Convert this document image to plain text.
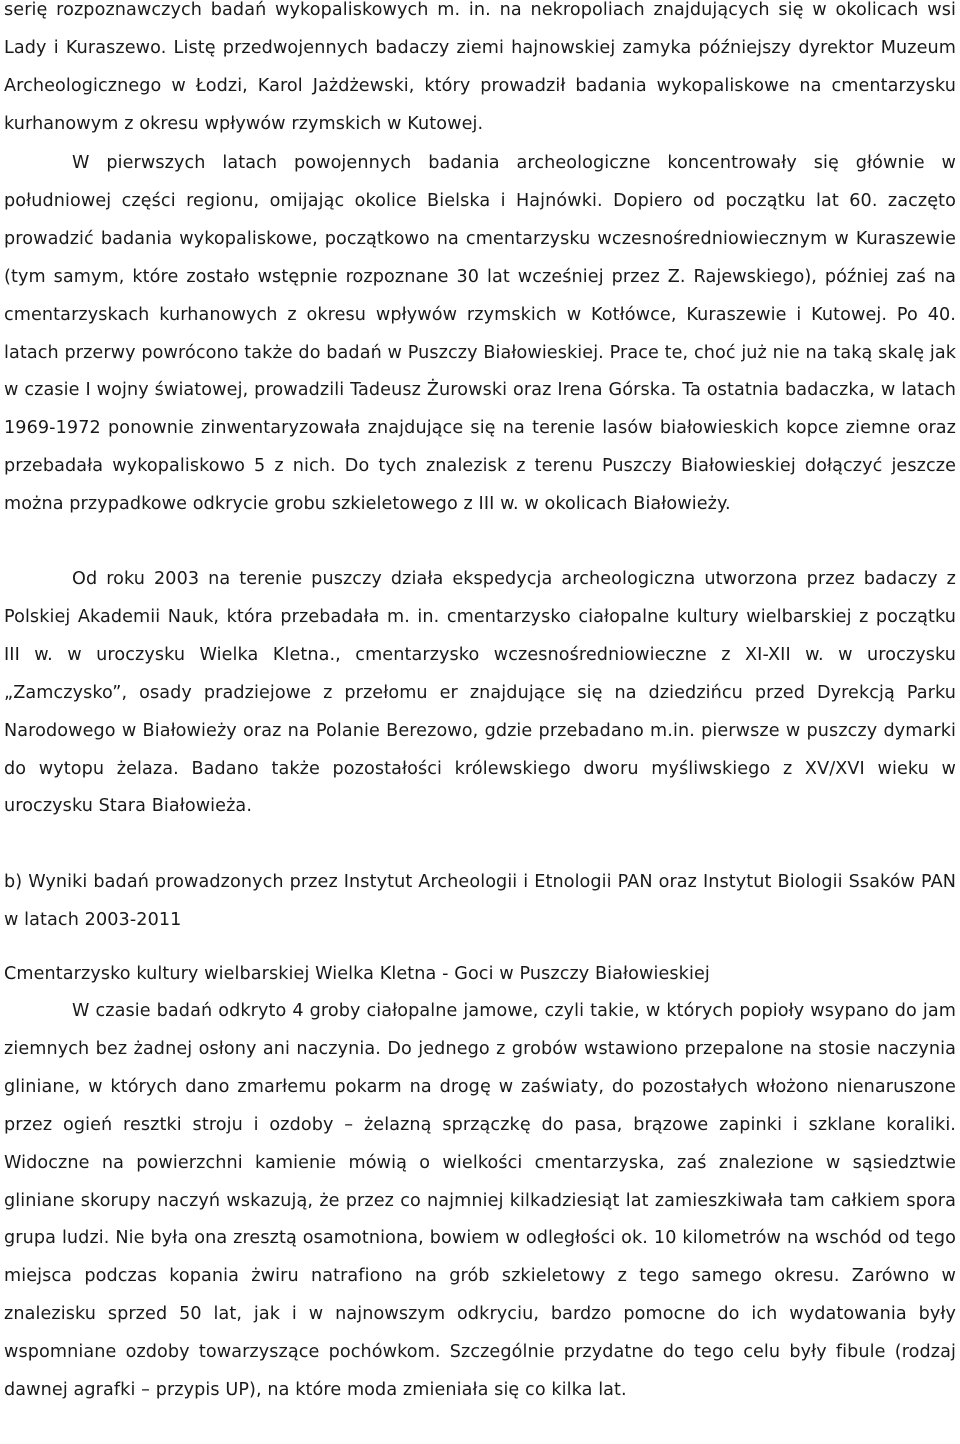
serię rozpoznawczych badań wykopaliskowych m. in. na nekropoliach znajdujących się w okolicach wsi Lady i Kuraszewo. Listę przedwojennych badaczy ziemi hajnowskiej zamyka późniejszy dyrektor Muzeum Archeologicznego w Łodzi, Karol Jażdżewski, który prowadził badania wykopaliskowe na cmentarzysku kurhanowym z okresu wpływów rzymskich w Kutowej.

W pierwszych latach powojennych badania archeologiczne koncentrowały się głównie w południowej części regionu, omijając okolice Bielska i Hajnówki. Dopiero od początku lat 60. zaczęto prowadzić badania wykopaliskowe, początkowo na cmentarzysku wczesnośredniowiecznym w Kuraszewie (tym samym, które zostało wstępnie rozpoznane 30 lat wcześniej przez Z. Rajewskiego), później zaś na cmentarzyskach kurhanowych z okresu wpływów rzymskich w Kotłówce, Kuraszewie i Kutowej. Po 40. latach przerwy powrócono także do badań w Puszczy Białowieskiej. Prace te, choć już nie na taką skalę jak w czasie I wojny światowej, prowadzili Tadeusz Żurowski oraz Irena Górska. Ta ostatnia badaczka, w latach 1969-1972 ponownie zinwentaryzowała znajdujące się na terenie lasów białowieskich kopce ziemne oraz przebadała wykopaliskowo 5 z nich. Do tych znalezisk z terenu Puszczy Białowieskiej dołączyć jeszcze można przypadkowe odkrycie grobu szkieletowego z III w. w okolicach Białowieży.

Od roku 2003 na terenie puszczy działa ekspedycja archeologiczna utworzona przez badaczy z Polskiej Akademii Nauk, która przebadała m. in. cmentarzysko ciałopalne kultury wielbarskiej z początku III w. w uroczysku Wielka Kletna., cmentarzysko wczesnośredniowieczne z XI-XII w. w uroczysku „Zamczysko”, osady pradziejowe z przełomu er znajdujące się na dziedzińcu przed Dyrekcją Parku Narodowego w Białowieży oraz na Polanie Berezowo, gdzie przebadano m.in. pierwsze w puszczy dymarki do wytopu żelaza. Badano także pozostałości królewskiego dworu myśliwskiego z XV/XVI wieku w uroczysku Stara Białowieża.

b) Wyniki badań prowadzonych przez Instytut Archeologii i Etnologii PAN oraz Instytut Biologii Ssaków PAN w latach 2003-2011

Cmentarzysko kultury wielbarskiej Wielka Kletna - Goci w Puszczy Białowieskiej

W czasie badań odkryto 4 groby ciałopalne jamowe, czyli takie, w których popioły wsypano do jam ziemnych bez żadnej osłony ani naczynia. Do jednego z grobów wstawiono przepalone na stosie naczynia gliniane, w których dano zmarłemu pokarm na drogę w zaświaty, do pozostałych włożono nienaruszone przez ogień resztki stroju i ozdoby – żelazną sprzączkę do pasa, brązowe zapinki i szklane koraliki. Widoczne na powierzchni kamienie mówią o wielkości cmentarzyska, zaś znalezione w sąsiedztwie gliniane skorupy naczyń wskazują, że przez co najmniej kilkadziesiąt lat zamieszkiwała tam całkiem spora grupa ludzi. Nie była ona zresztą osamotniona, bowiem w odległości ok. 10 kilometrów na wschód od tego miejsca podczas kopania żwiru natrafiono na grób szkieletowy z tego samego okresu. Zarówno w znalezisku sprzed 50 lat, jak i w najnowszym odkryciu, bardzo pomocne do ich wydatowania były wspomniane ozdoby towarzyszące pochówkom. Szczególnie przydatne do tego celu były fibule (rodzaj dawnej agrafki – przypis UP), na które moda zmieniała się co kilka lat.
